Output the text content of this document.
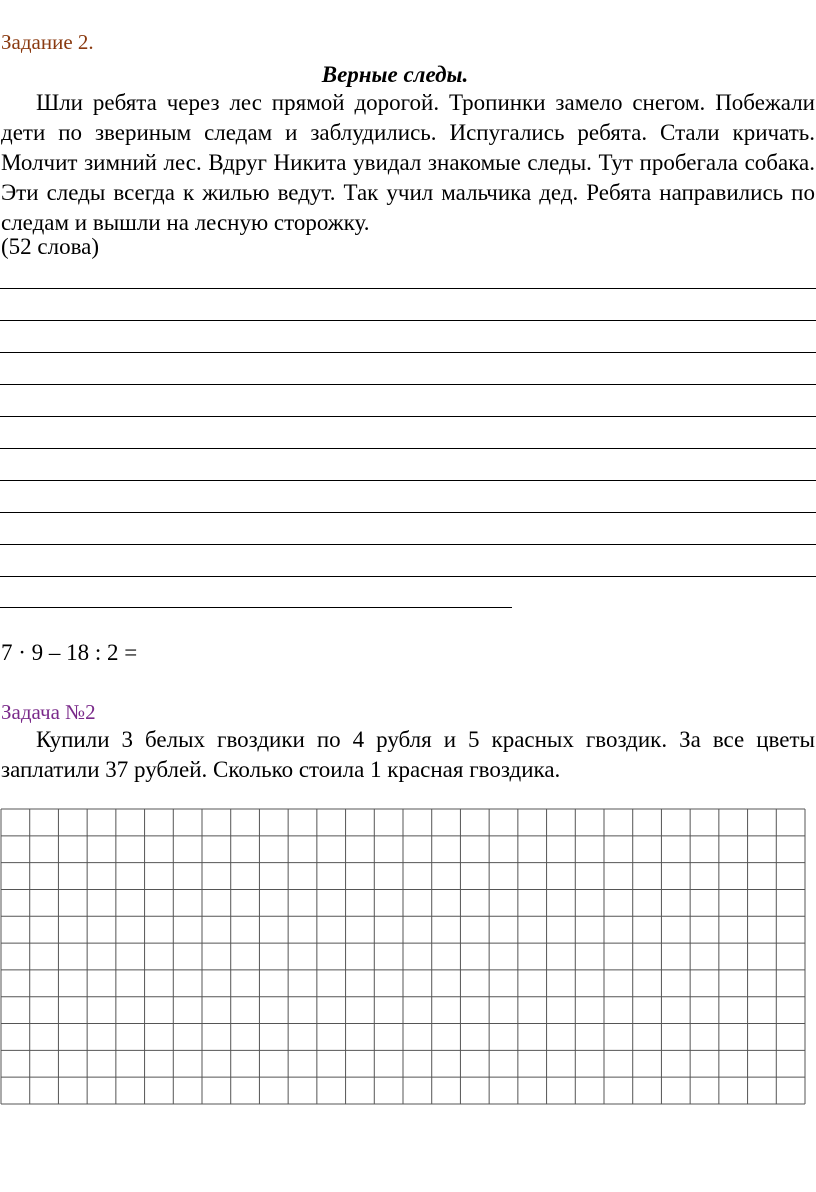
Задание 2.
Верные следы.

Шли ребята через лес прямой дорогой. Тропинки замело снегом. Побежали дети по звериным следам и заблудились. Испугались ребята. Стали кричать. Молчит зимний лес. Вдруг Никита увидал знакомые следы. Тут пробегала собака. Эти следы всегда к жилью ведут. Так учил мальчика дед. Ребята направились по следам и вышли на лесную сторожку.

(52 слова)
7 · 9 – 18 : 2 =
Задача №2

Купили 3 белых гвоздики по 4 рубля и 5 красных гвоздик. За все цветы заплатили 37 рублей. Сколько стоила 1 красная гвоздика.
